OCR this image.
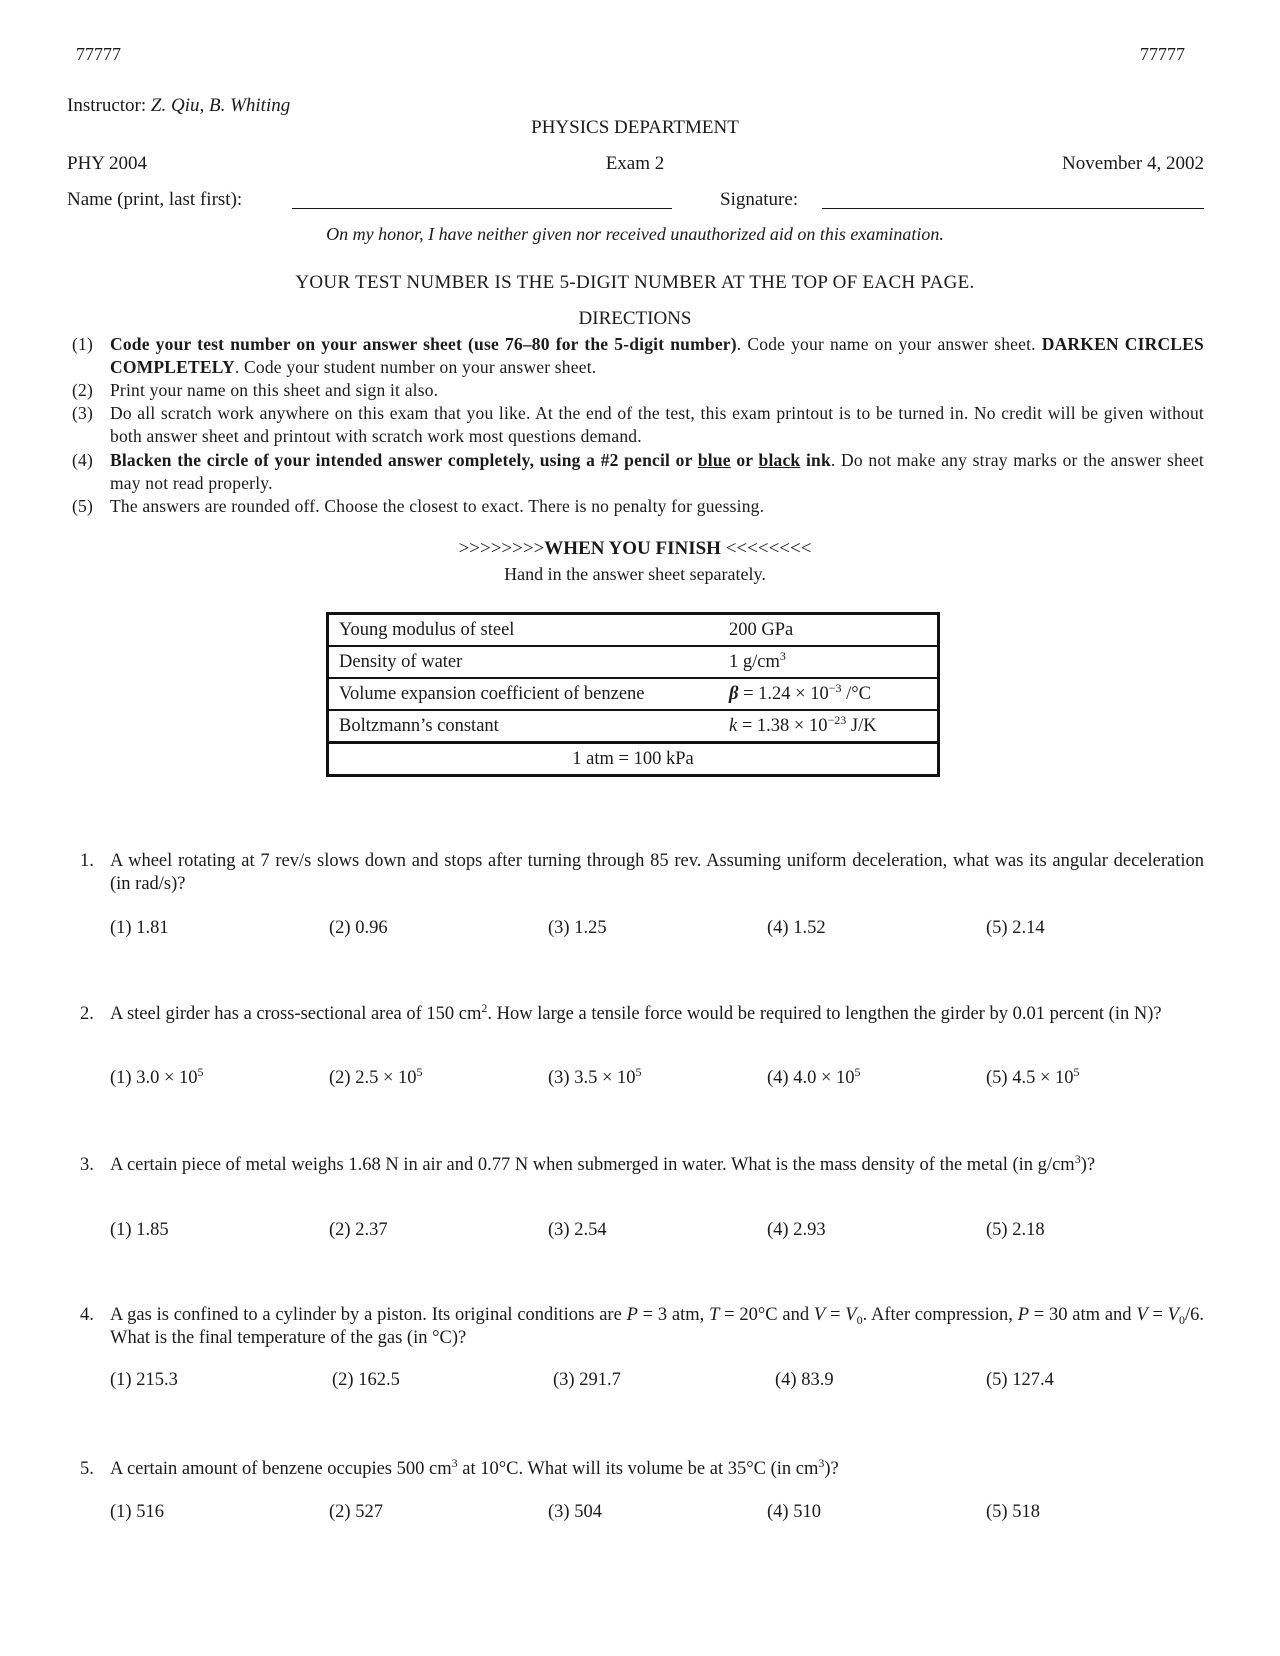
77777	77777
Instructor: Z. Qiu, B. Whiting
PHYSICS DEPARTMENT
PHY 2004	Exam 2	November 4, 2002
Name (print, last first):	Signature:
On my honor, I have neither given nor received unauthorized aid on this examination.
YOUR TEST NUMBER IS THE 5-DIGIT NUMBER AT THE TOP OF EACH PAGE.
DIRECTIONS
(1) Code your test number on your answer sheet (use 76–80 for the 5-digit number). Code your name on your answer sheet. DARKEN CIRCLES COMPLETELY. Code your student number on your answer sheet.
(2) Print your name on this sheet and sign it also.
(3) Do all scratch work anywhere on this exam that you like. At the end of the test, this exam printout is to be turned in. No credit will be given without both answer sheet and printout with scratch work most questions demand.
(4) Blacken the circle of your intended answer completely, using a #2 pencil or blue or black ink. Do not make any stray marks or the answer sheet may not read properly.
(5) The answers are rounded off. Choose the closest to exact. There is no penalty for guessing.
>>>>>>>>WHEN YOU FINISH <<<<<<<<
Hand in the answer sheet separately.
Young modulus of steel	200 GPa
Density of water	1 $g/cm^3$
Volume expansion coefficient of benzene	$\beta = 1.24 \times 10^{-3}$ /°C
Boltzmann’s constant	$k = 1.38 \times 10^{-23}$ J/K
1 atm = 100 kPa	
1. A wheel rotating at 7 rev/s slows down and stops after turning through 85 rev. Assuming uniform deceleration, what was its angular deceleration (in rad/s)?
(1) 1.81	(2) 0.96	(3) 1.25	(4) 1.52	(5) 2.14
2. A steel girder has a cross-sectional area of 150 $cm^2$. How large a tensile force would be required to lengthen the girder by 0.01 percent (in N)?
(1) $3.0 \times 10^5$	(2) $2.5 \times 10^5$	(3) $3.5 \times 10^5$	(4) $4.0 \times 10^5$	(5) $4.5 \times 10^5$
3. A certain piece of metal weighs 1.68 N in air and 0.77 N when submerged in water. What is the mass density of the metal (in $g/cm^3$)?
(1) 1.85	(2) 2.37	(3) 2.54	(4) 2.93	(5) 2.18
4. A gas is confined to a cylinder by a piston. Its original conditions are P = 3 atm, T = 20°C and $V = V_0$. After compression, P = 30 atm and $V = V_0/6$. What is the final temperature of the gas (in °C)?
(1) 215.3	(2) 162.5	(3) 291.7	(4) 83.9	(5) 127.4
5. A certain amount of benzene occupies 500 $cm^3$ at 10°C. What will its volume be at 35°C (in $cm^3$)?
(1) 516	(2) 527	(3) 504	(4) 510	(5) 518
